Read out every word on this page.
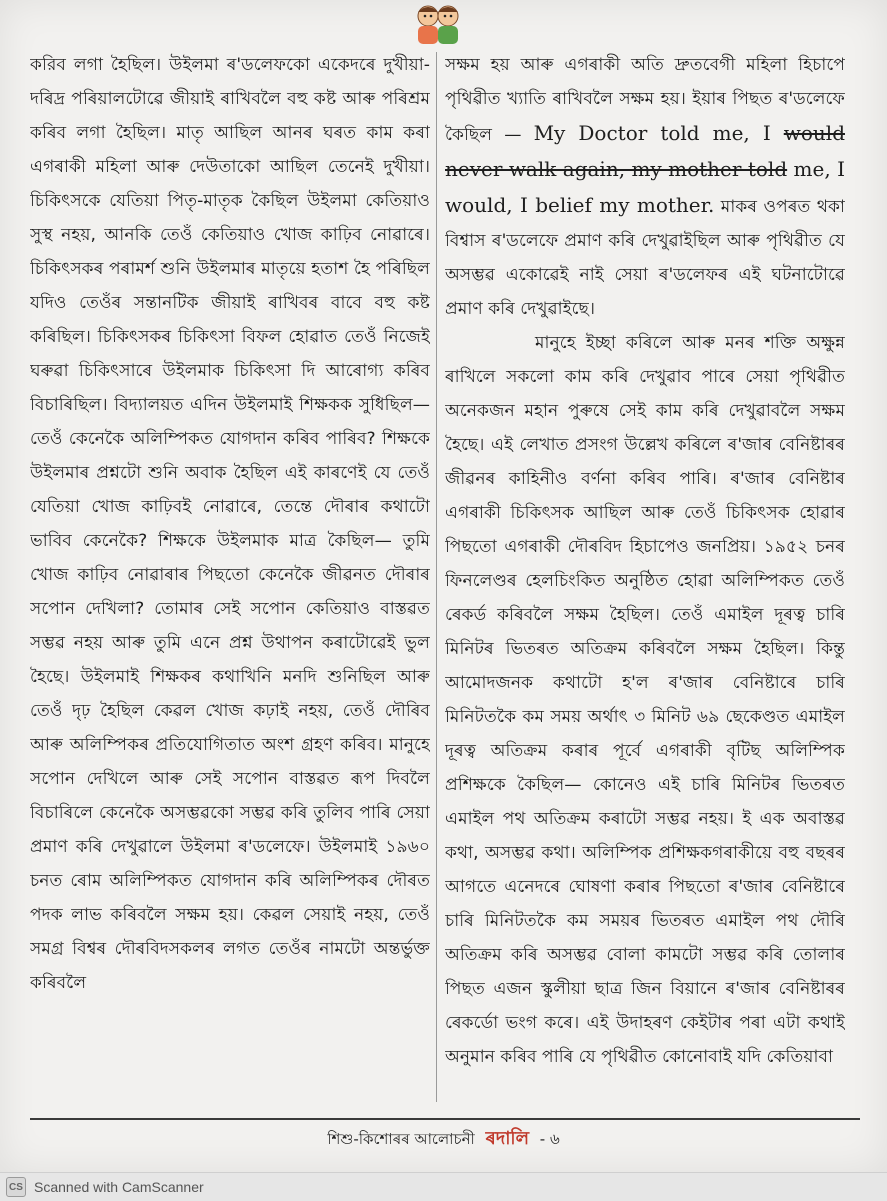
করিব লগা হৈছিল। উইলমা ৰ'ডলেফকো একেদৰে দুখীয়া-দৰিদ্ৰ পৰিয়ালটোৱে জীয়াই ৰাখিবলৈ বহু কষ্ট আৰু পৰিশ্ৰম কৰিব লগা হৈছিল। মাতৃ আছিল আনৰ ঘৰত কাম কৰা এগৰাকী মহিলা আৰু দেউতাকো আছিল তেনেই দুখীয়া। চিকিৎসকে যেতিয়া পিতৃ-মাতৃক কৈছিল উইলমা কেতিয়াও সুস্থ নহয়, আনকি তেওঁ কেতিয়াও খোজ কাঢ়িব নোৱাৰে। চিকিৎসকৰ পৰামৰ্শ শুনি উইলমাৰ মাতৃয়ে হতাশ হৈ পৰিছিল যদিও তেওঁৰ সন্তানটিক জীয়াই ৰাখিবৰ বাবে বহু কষ্ট কৰিছিল। চিকিৎসকৰ চিকিৎসা বিফল হোৱাত তেওঁ নিজেই ঘৰুৱা চিকিৎসাৰে উইলমাক চিকিৎসা দি আৰোগ্য কৰিব বিচাৰিছিল। বিদ্যালয়ত এদিন উইলমাই শিক্ষকক সুধিছিল— তেওঁ কেনেকৈ অলিম্পিকত যোগদান কৰিব পাৰিব? শিক্ষকে উইলমাৰ প্ৰশ্নটো শুনি অবাক হৈছিল এই কাৰণেই যে তেওঁ যেতিয়া খোজ কাঢ়িবই নোৱাৰে, তেন্তে দৌৰাৰ কথাটো ভাবিব কেনেকৈ? শিক্ষকে উইলমাক মাত্ৰ কৈছিল— তুমি খোজ কাঢ়িব নোৱাৰাৰ পিছতো কেনেকৈ জীৱনত দৌৰাৰ সপোন দেখিলা? তোমাৰ সেই সপোন কেতিয়াও বাস্তৱত সম্ভৱ নহয় আৰু তুমি এনে প্ৰশ্ন উথাপন কৰাটোৱেই ভুল হৈছে। উইলমাই শিক্ষকৰ কথাখিনি মনদি শুনিছিল আৰু তেওঁ দৃঢ় হৈছিল কেৱল খোজ কঢ়াই নহয়, তেওঁ দৌৰিব আৰু অলিম্পিকৰ প্ৰতিযোগিতাত অংশ গ্ৰহণ কৰিব। মানুহে সপোন দেখিলে আৰু সেই সপোন বাস্তৱত ৰূপ দিবলৈ বিচাৰিলে কেনেকৈ অসম্ভৱকো সম্ভৱ কৰি তুলিব পাৰি সেয়া প্ৰমাণ কৰি দেখুৱালে উইলমা ৰ'ডলেফে। উইলমাই ১৯৬০ চনত ৰোম অলিম্পিকত যোগদান কৰি অলিম্পিকৰ দৌৰত পদক লাভ কৰিবলৈ সক্ষম হয়। কেৱল সেয়াই নহয়, তেওঁ সমগ্ৰ বিশ্বৰ দৌৰবিদসকলৰ লগত তেওঁৰ নামটো অন্তৰ্ভুক্ত কৰিবলৈ

সক্ষম হয় আৰু এগৰাকী অতি দ্ৰুতবেগী মহিলা হিচাপে পৃথিৱীত খ্যাতি ৰাখিবলৈ সক্ষম হয়। ইয়াৰ পিছত ৰ'ডলেফে কৈছিল — My Doctor told me, I would never walk again, my mother told me, I would, I belief my mother. মাকৰ ওপৰত থকা বিশ্বাস ৰ'ডলেফে প্ৰমাণ কৰি দেখুৱাইছিল আৰু পৃথিৱীত যে অসম্ভৱ একোৱেই নাই সেয়া ৰ'ডলেফৰ এই ঘটনাটোৱে প্ৰমাণ কৰি দেখুৱাইছে।

মানুহে ইচ্ছা কৰিলে আৰু মনৰ শক্তি অক্ষুন্ন ৰাখিলে সকলো কাম কৰি দেখুৱাব পাৰে সেয়া পৃথিৱীত অনেকজন মহান পুৰুষে সেই কাম কৰি দেখুৱাবলৈ সক্ষম হৈছে। এই লেখাত প্ৰসংগ উল্লেখ কৰিলে ৰ'জাৰ বেনিষ্টাৰৰ জীৱনৰ কাহিনীও বৰ্ণনা কৰিব পাৰি। ৰ'জাৰ বেনিষ্টাৰ এগৰাকী চিকিৎসক আছিল আৰু তেওঁ চিকিৎসক হোৱাৰ পিছতো এগৰাকী দৌৰবিদ হিচাপেও জনপ্ৰিয়। ১৯৫২ চনৰ ফিনলেণ্ডৰ হেলচিংকিত অনুষ্ঠিত হোৱা অলিম্পিকত তেওঁ ৰেকৰ্ড কৰিবলৈ সক্ষম হৈছিল। তেওঁ এমাইল দূৰত্ব চাৰি মিনিটৰ ভিতৰত অতিক্ৰম কৰিবলৈ সক্ষম হৈছিল। কিন্তু আমোদজনক কথাটো হ'ল ৰ'জাৰ বেনিষ্টাৰে চাৰি মিনিটতকৈ কম সময় অৰ্থাৎ ৩ মিনিট ৬৯ ছেকেণ্ডত এমাইল দূৰত্ব অতিক্ৰম কৰাৰ পূৰ্বে এগৰাকী বৃটিছ অলিম্পিক প্ৰশিক্ষকে কৈছিল— কোনেও এই চাৰি মিনিটৰ ভিতৰত এমাইল পথ অতিক্ৰম কৰাটো সম্ভৱ নহয়। ই এক অবাস্তৱ কথা, অসম্ভৱ কথা। অলিম্পিক প্ৰশিক্ষকগৰাকীয়ে বহু বছৰৰ আগতে এনেদৰে ঘোষণা কৰাৰ পিছতো ৰ'জাৰ বেনিষ্টাৰে চাৰি মিনিটতকৈ কম সময়ৰ ভিতৰত এমাইল পথ দৌৰি অতিক্ৰম কৰি অসম্ভৱ বোলা কামটো সম্ভৱ কৰি তোলাৰ পিছত এজন স্কুলীয়া ছাত্ৰ জিন বিয়ানে ৰ'জাৰ বেনিষ্টাৰৰ ৰেকৰ্ডো ভংগ কৰে। এই উদাহৰণ কেইটাৰ পৰা এটা কথাই অনুমান কৰিব পাৰি যে পৃথিৱীত কোনোবাই যদি কেতিয়াবা

শিশু-কিশোৰৰ আলোচনী ৰদালি - ৬
CS Scanned with CamScanner
